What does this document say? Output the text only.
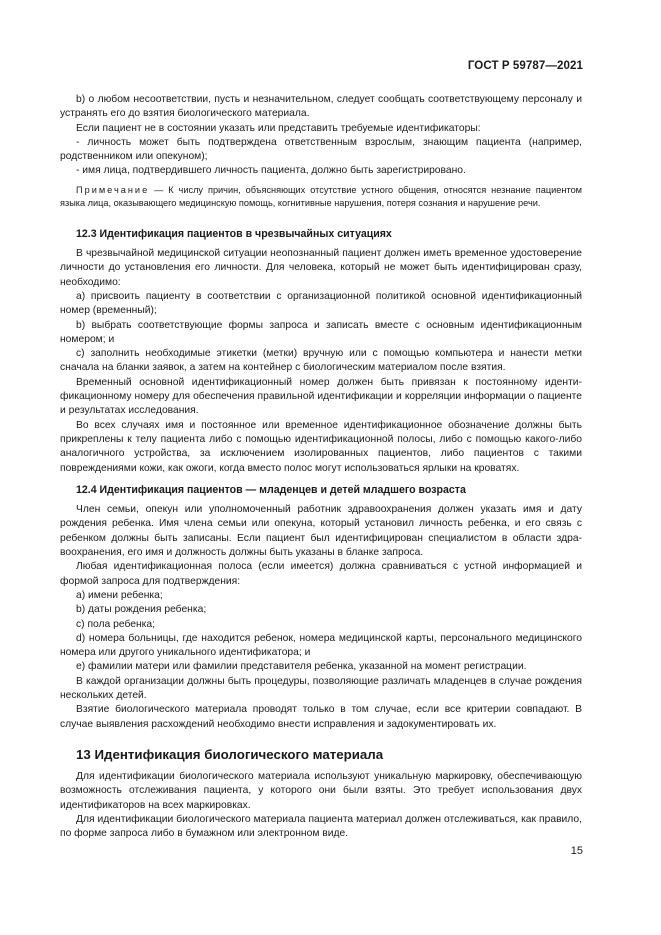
ГОСТ Р 59787—2021

b) о любом несоответствии, пусть и незначительном, следует сообщать соответствующему персоналу и устранять его до взятия биологического материала.

Если пациент не в состоянии указать или представить требуемые идентификаторы:

- личность может быть подтверждена ответственным взрослым, знающим пациента (например, родственником или опекуном);

- имя лица, подтвердившего личность пациента, должно быть зарегистрировано.

Примечание — К числу причин, объясняющих отсутствие устного общения, относятся незнание пациентом языка лица, оказывающего медицинскую помощь, когнитивные нарушения, потеря сознания и нарушение речи.

12.3 Идентификация пациентов в чрезвычайных ситуациях

В чрезвычайной медицинской ситуации неопознанный пациент должен иметь временное удостоверение личности до установления его личности. Для человека, который не может быть идентифицирован сразу, необходимо:

a) присвоить пациенту в соответствии с организационной политикой основной идентификационный номер (временный);

b) выбрать соответствующие формы запроса и записать вместе с основным идентификационным номером; и

c) заполнить необходимые этикетки (метки) вручную или с помощью компьютера и нанести метки сначала на бланки заявок, а затем на контейнер с биологическим материалом после взятия.

Временный основной идентификационный номер должен быть привязан к постоянному идентификационному номеру для обеспечения правильной идентификации и корреляции информации о пациенте и результатах исследования.

Во всех случаях имя и постоянное или временное идентификационное обозначение должны быть прикреплены к телу пациента либо с помощью идентификационной полосы, либо с помощью какого-либо аналогичного устройства, за исключением изолированных пациентов, либо пациентов с такими повреждениями кожи, как ожоги, когда вместо полос могут использоваться ярлыки на кроватях.

12.4 Идентификация пациентов — младенцев и детей младшего возраста

Член семьи, опекун или уполномоченный работник здравоохранения должен указать имя и дату рождения ребенка. Имя члена семьи или опекуна, который установил личность ребенка, и его связь с ребенком должны быть записаны. Если пациент был идентифицирован специалистом в области здравоохранения, его имя и должность должны быть указаны в бланке запроса.

Любая идентификационная полоса (если имеется) должна сравниваться с устной информацией и формой запроса для подтверждения:

a) имени ребенка;

b) даты рождения ребенка;

c) пола ребенка;

d) номера больницы, где находится ребенок, номера медицинской карты, персонального медицинского номера или другого уникального идентификатора; и

e) фамилии матери или фамилии представителя ребенка, указанной на момент регистрации.

В каждой организации должны быть процедуры, позволяющие различать младенцев в случае рождения нескольких детей.

Взятие биологического материала проводят только в том случае, если все критерии совпадают. В случае выявления расхождений необходимо внести исправления и задокументировать их.

13 Идентификация биологического материала

Для идентификации биологического материала используют уникальную маркировку, обеспечивающую возможность отслеживания пациента, у которого они были взяты. Это требует использования двух идентификаторов на всех маркировках.

Для идентификации биологического материала пациента материал должен отслеживаться, как правило, по форме запроса либо в бумажном или электронном виде.

15
